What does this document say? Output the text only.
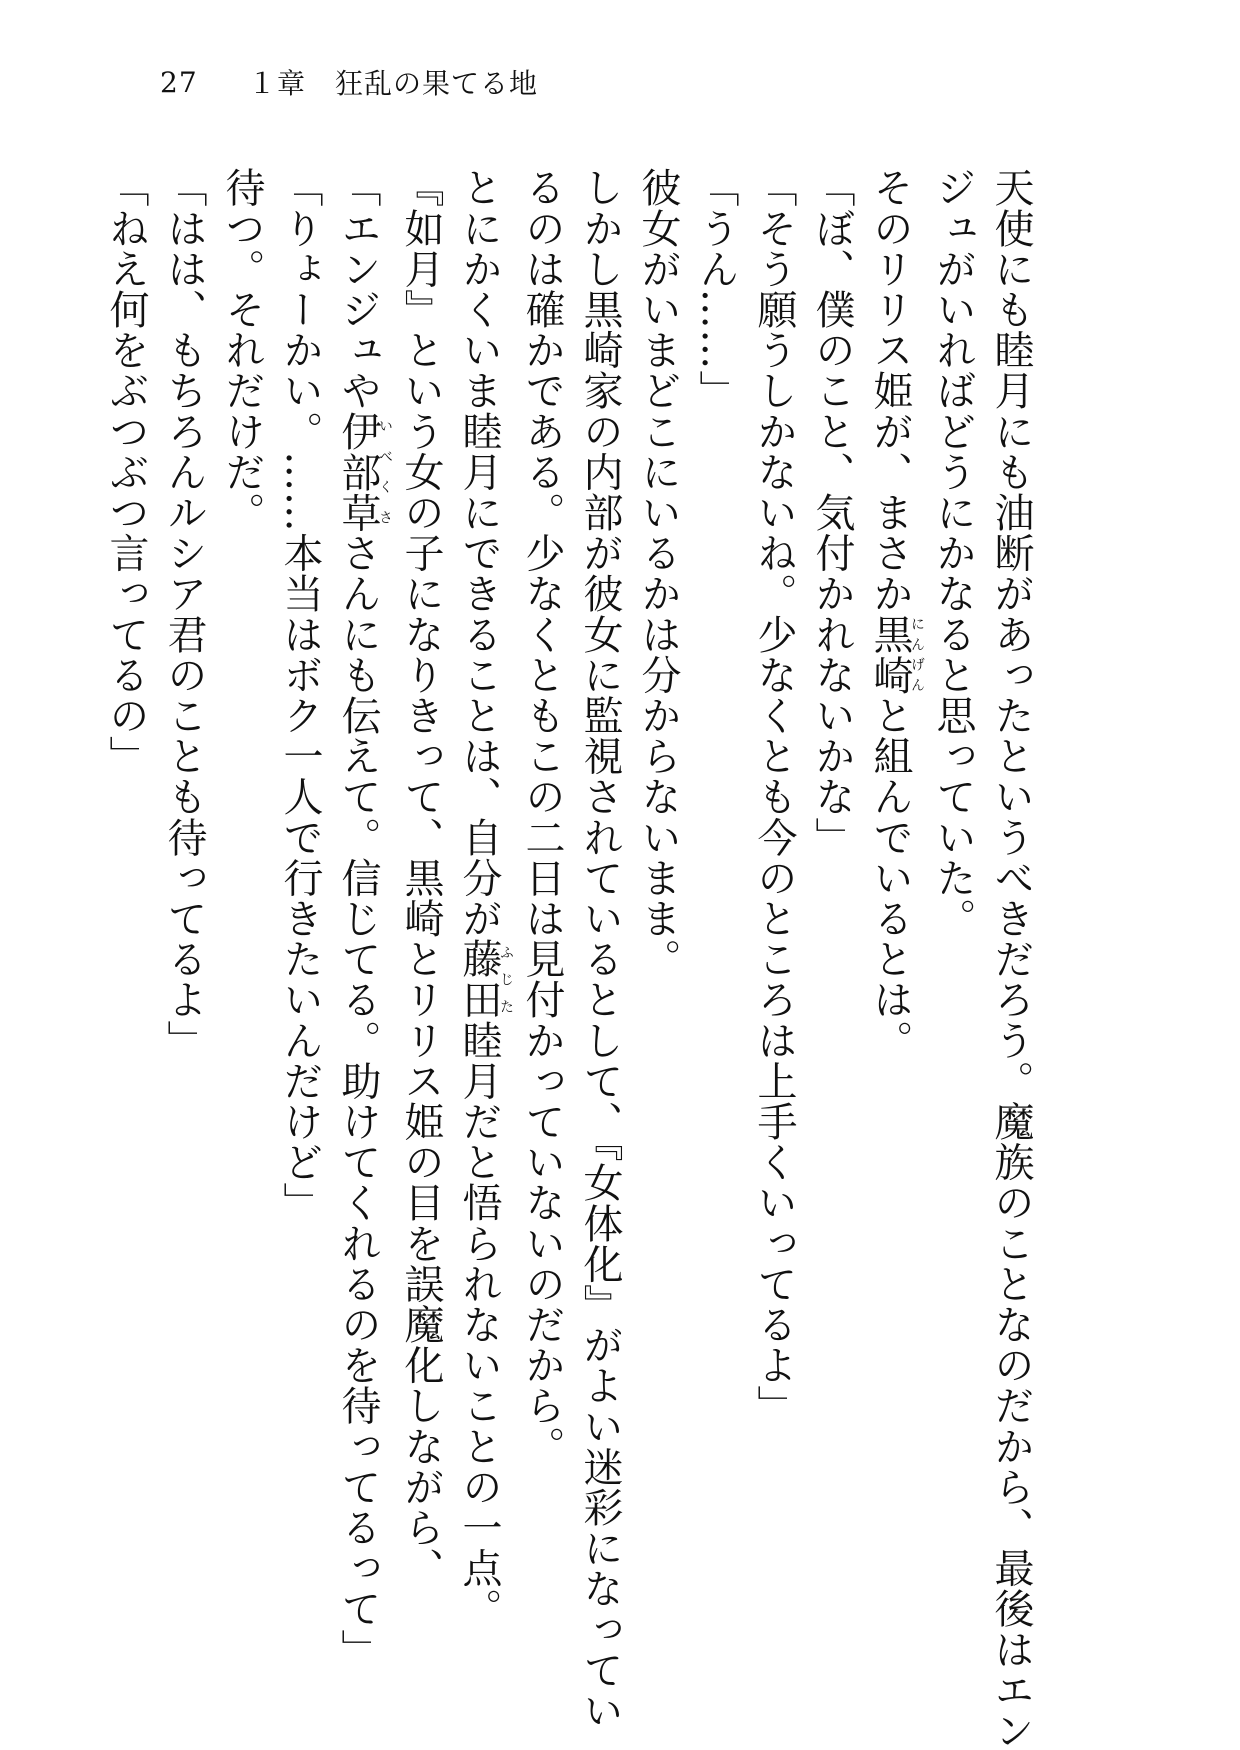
27	１章　狂乱の果てる地
天使にも睦月にも油断があったというべきだろう。魔族のことなのだから、最後はエン
ジュがいればどうにかなると思っていた。
そのリリス姫が、まさか黒崎にんげんと組んでいるとは。
「ぼ、僕のこと、気付かれないかな」
「そう願うしかないね。少なくとも今のところは上手くいってるよ」
「うん……」
彼女がいまどこにいるかは分からないまま。
しかし黒崎家の内部が彼女に監視されているとして、『女体化』がよい迷彩になってい
るのは確かである。少なくともこの二日は見付かっていないのだから。
とにかくいま睦月にできることは、自分が藤田ふじた睦月だと悟られないことの一点。
『如月』という女の子になりきって、黒崎とリリス姫の目を誤魔化しながら、
「エンジュや伊部草いべくささんにも伝えて。信じてる。助けてくれるのを待ってるって」
「りょーかい。……本当はボク一人で行きたいんだけど」
待つ。それだけだ。
「はは、もちろんルシア君のことも待ってるよ」
「ねえ何をぶつぶつ言ってるの」
